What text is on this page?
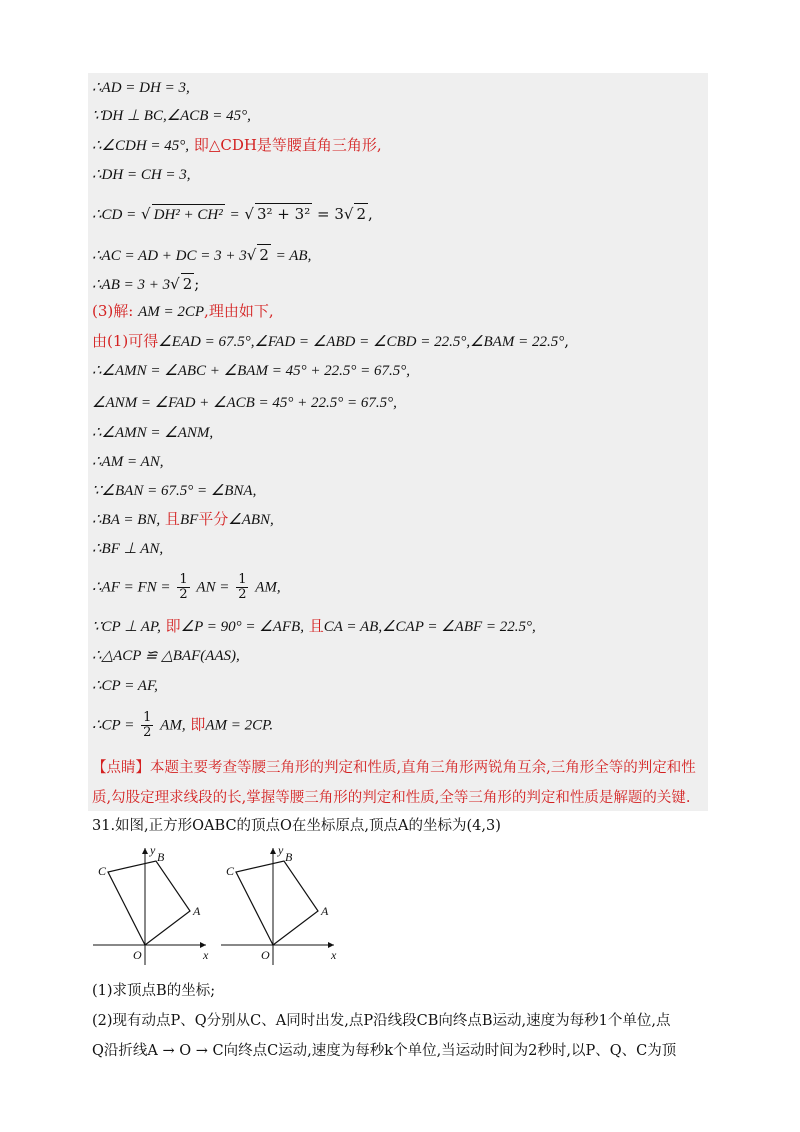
∴AD = DH = 3,
∵DH ⊥ BC,∠ACB = 45°,
∴∠CDH = 45°, 即△CDH是等腰直角三角形,
∴DH = CH = 3,
∴CD = √ DH² + CH² = √ 3² + 3² = 3√ 2 ,
∴AC = AD + DC = 3 + 3√ 2 = AB,
∴AB = 3 + 3√ 2 ;
(3)解: AM = 2CP,理由如下,
由(1)可得∠EAD = 67.5°,∠FAD = ∠ABD = ∠CBD = 22.5°,∠BAM = 22.5°,
∴∠AMN = ∠ABC + ∠BAM = 45° + 22.5° = 67.5°,
∠ANM = ∠FAD + ∠ACB = 45° + 22.5° = 67.5°,
∴∠AMN = ∠ANM,
∴AM = AN,
∵∠BAN = 67.5° = ∠BNA,
∴BA = BN, 且BF平分∠ABN,
∴BF ⊥ AN,
∴AF = FN = $\frac{1}{2}$ AN = $\frac{1}{2}$ AM,
∵CP ⊥ AP, 即∠P = 90° = ∠AFB, 且CA = AB,∠CAP = ∠ABF = 22.5°,
∴△ACP ≌ △BAF(AAS),
∴CP = AF,
∴CP = $\frac{1}{2}$ AM, 即AM = 2CP.
【点睛】本题主要考查等腰三角形的判定和性质,直角三角形两锐角互余,三角形全等的判定和性
质,勾股定理求线段的长,掌握等腰三角形的判定和性质,全等三角形的判定和性质是解题的关键.
31.如图,正方形OABC的顶点O在坐标原点,顶点A的坐标为(4,3)
y
x
O
A
B
C
y
x
O
A
B
C
(1)求顶点B的坐标;
(2)现有动点P、Q分别从C、A同时出发,点P沿线段CB向终点B运动,速度为每秒1个单位,点
Q沿折线A → O → C向终点C运动,速度为每秒k个单位,当运动时间为2秒时,以P、Q、C为顶
